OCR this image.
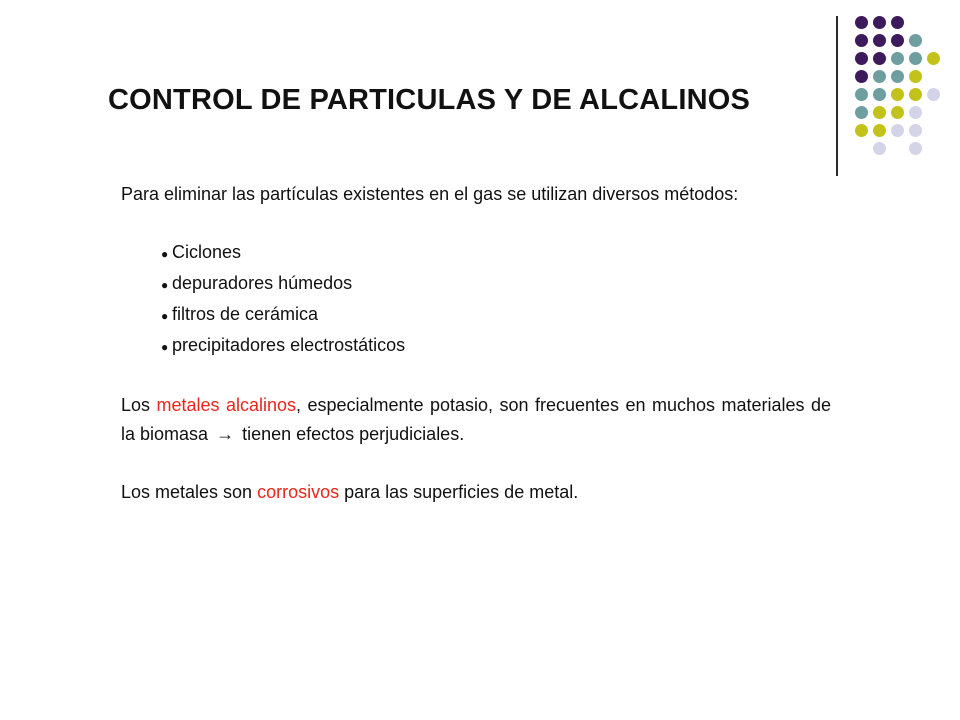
CONTROL DE PARTICULAS Y DE ALCALINOS

Para eliminar las partículas existentes en el gas se utilizan diversos métodos:

● Ciclones
● depuradores húmedos
● filtros de cerámica
● precipitadores electrostáticos

Los metales alcalinos, especialmente potasio, son frecuentes en muchos materiales de la biomasa → tienen efectos perjudiciales.

Los metales son corrosivos para las superficies de metal.
